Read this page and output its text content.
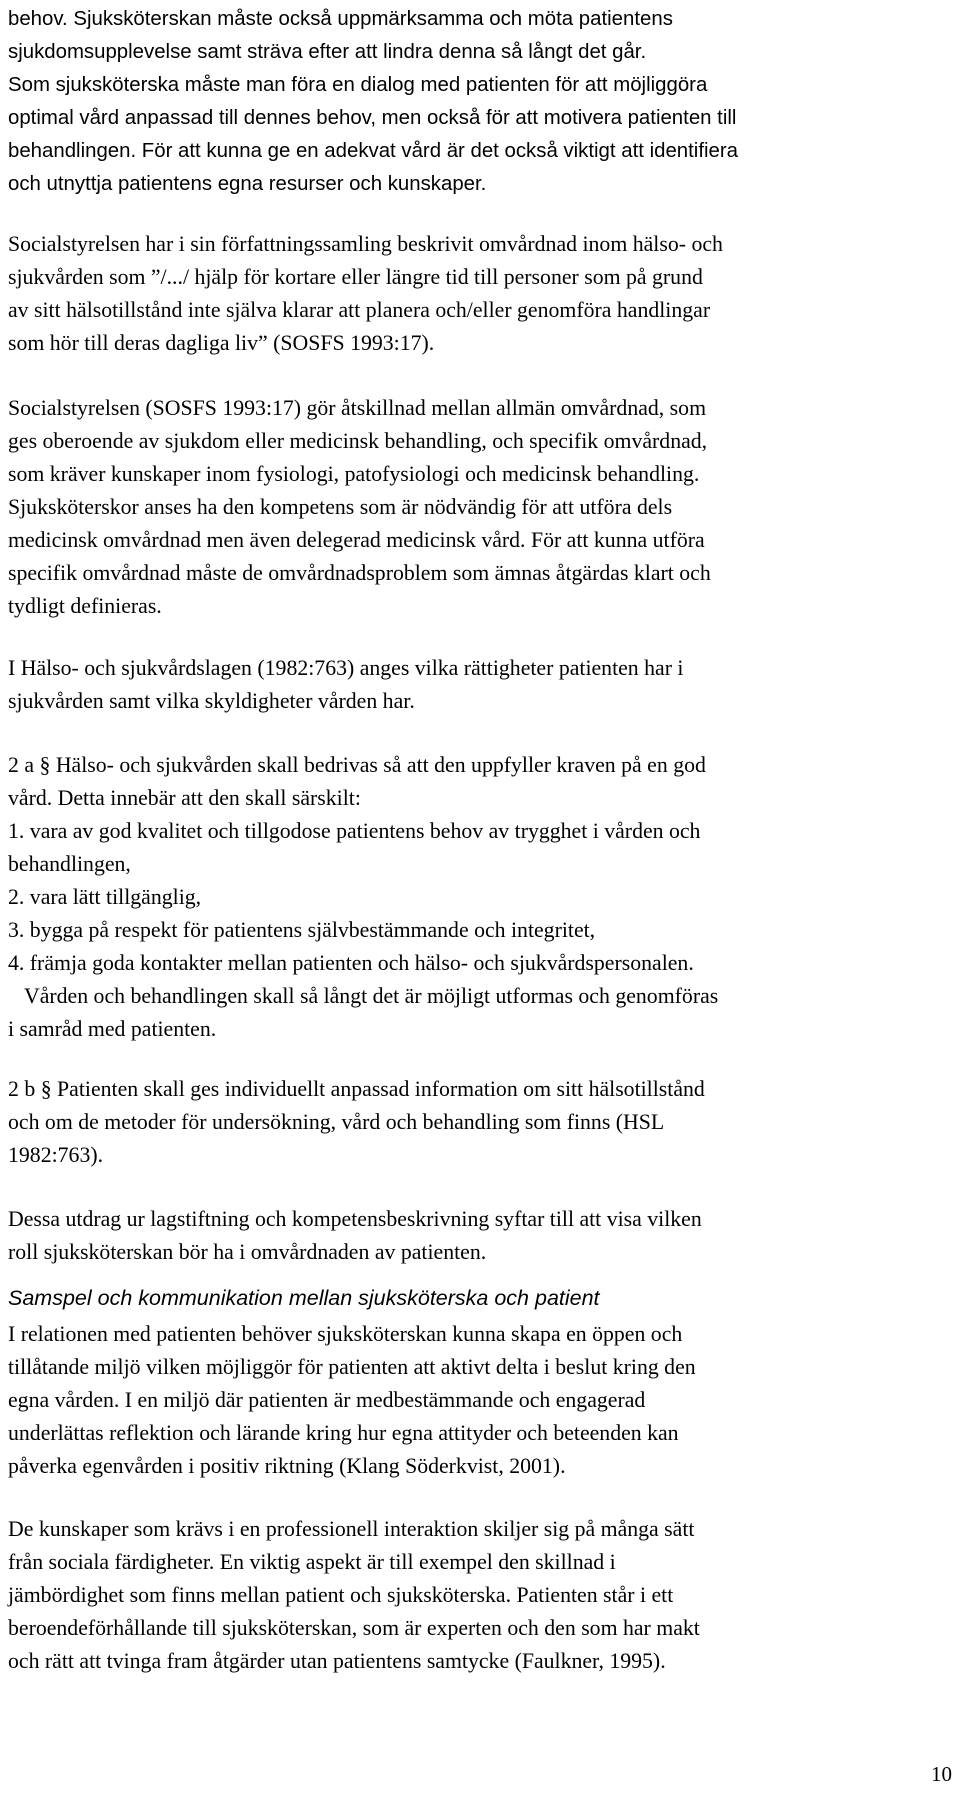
behov. Sjuksköterskan måste också uppmärksamma och möta patientens
sjukdomsupplevelse samt sträva efter att lindra denna så långt det går.
Som sjuksköterska måste man föra en dialog med patienten för att möjliggöra
optimal vård anpassad till dennes behov, men också för att motivera patienten till
behandlingen. För att kunna ge en adekvat vård är det också viktigt att identifiera
och utnyttja patientens egna resurser och kunskaper.
Socialstyrelsen har i sin författningssamling beskrivit omvårdnad inom hälso- och
sjukvården som ”/.../ hjälp för kortare eller längre tid till personer som på grund
av sitt hälsotillstånd inte själva klarar att planera och/eller genomföra handlingar
som hör till deras dagliga liv” (SOSFS 1993:17).
Socialstyrelsen (SOSFS 1993:17) gör åtskillnad mellan allmän omvårdnad, som
ges oberoende av sjukdom eller medicinsk behandling, och specifik omvårdnad,
som kräver kunskaper inom fysiologi, patofysiologi och medicinsk behandling.
Sjuksköterskor anses ha den kompetens som är nödvändig för att utföra dels
medicinsk omvårdnad men även delegerad medicinsk vård. För att kunna utföra
specifik omvårdnad måste de omvårdnadsproblem som ämnas åtgärdas klart och
tydligt definieras.
I Hälso- och sjukvårdslagen (1982:763) anges vilka rättigheter patienten har i
sjukvården samt vilka skyldigheter vården har.
2 a § Hälso- och sjukvården skall bedrivas så att den uppfyller kraven på en god
vård. Detta innebär att den skall särskilt:
1. vara av god kvalitet och tillgodose patientens behov av trygghet i vården och
behandlingen,
2. vara lätt tillgänglig,
3. bygga på respekt för patientens självbestämmande och integritet,
4. främja goda kontakter mellan patienten och hälso- och sjukvårdspersonalen.
Vården och behandlingen skall så långt det är möjligt utformas och genomföras
i samråd med patienten.
2 b § Patienten skall ges individuellt anpassad information om sitt hälsotillstånd
och om de metoder för undersökning, vård och behandling som finns (HSL
1982:763).
Dessa utdrag ur lagstiftning och kompetensbeskrivning syftar till att visa vilken
roll sjuksköterskan bör ha i omvårdnaden av patienten.
Samspel och kommunikation mellan sjuksköterska och patient
I relationen med patienten behöver sjuksköterskan kunna skapa en öppen och
tillåtande miljö vilken möjliggör för patienten att aktivt delta i beslut kring den
egna vården. I en miljö där patienten är medbestämmande och engagerad
underlättas reflektion och lärande kring hur egna attityder och beteenden kan
påverka egenvården i positiv riktning (Klang Söderkvist, 2001).
De kunskaper som krävs i en professionell interaktion skiljer sig på många sätt
från sociala färdigheter. En viktig aspekt är till exempel den skillnad i
jämbördighet som finns mellan patient och sjuksköterska. Patienten står i ett
beroendeförhållande till sjuksköterskan, som är experten och den som har makt
och rätt att tvinga fram åtgärder utan patientens samtycke (Faulkner, 1995).
10
